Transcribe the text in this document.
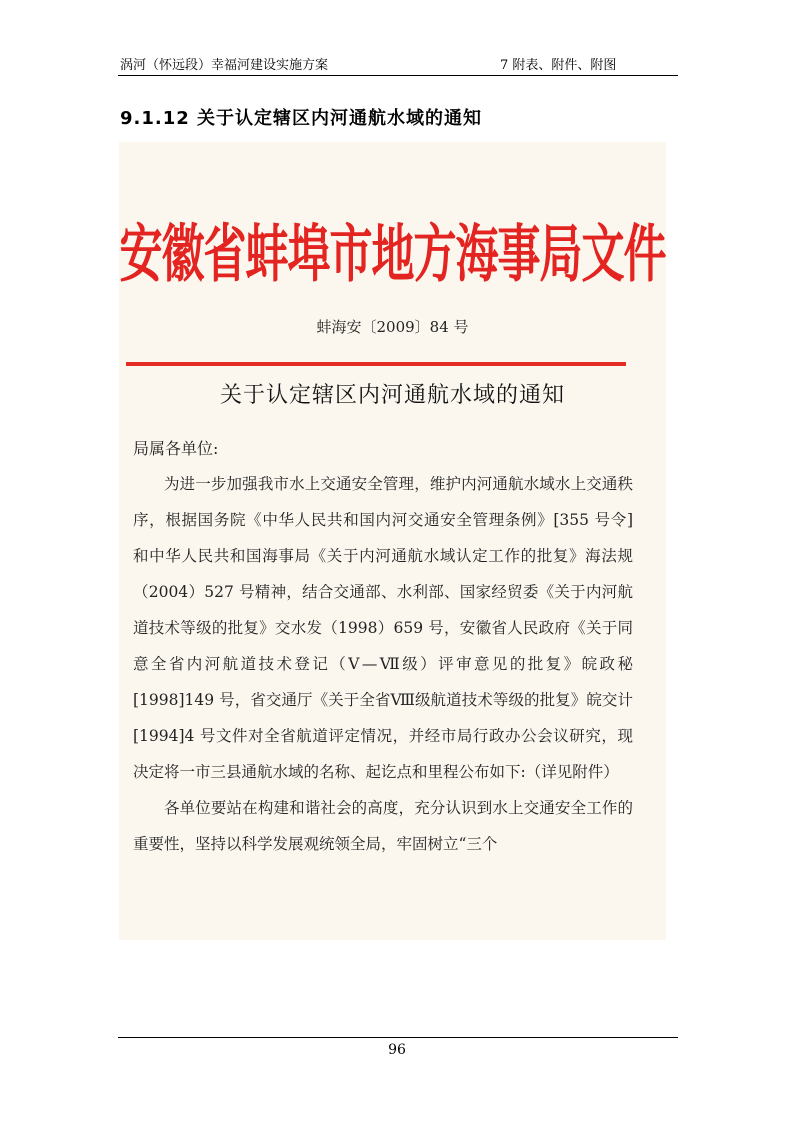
涡河（怀远段）幸福河建设实施方案	7 附表、附件、附图
9.1.12 关于认定辖区内河通航水域的通知
安徽省蚌埠市地方海事局文件
蚌海安〔2009〕84 号
关于认定辖区内河通航水域的通知
局属各单位:

为进一步加强我市水上交通安全管理，维护内河通航水域水上交通秩序，根据国务院《中华人民共和国内河交通安全管理条例》[355 号令] 和中华人民共和国海事局《关于内河通航水域认定工作的批复》海法规（2004）527 号精神，结合交通部、水利部、国家经贸委《关于内河航道技术等级的批复》交水发（1998）659 号，安徽省人民政府《关于同意全省内河航道技术登记（Ⅴ—Ⅶ级）评审意见的批复》皖政秘[1998]149 号，省交通厅《关于全省Ⅷ级航道技术等级的批复》皖交计[1994]4 号文件对全省航道评定情况，并经市局行政办公会议研究，现决定将一市三县通航水域的名称、起讫点和里程公布如下:（详见附件）

各单位要站在构建和谐社会的高度，充分认识到水上交通安全工作的重要性，坚持以科学发展观统领全局，牢固树立“三个

96
